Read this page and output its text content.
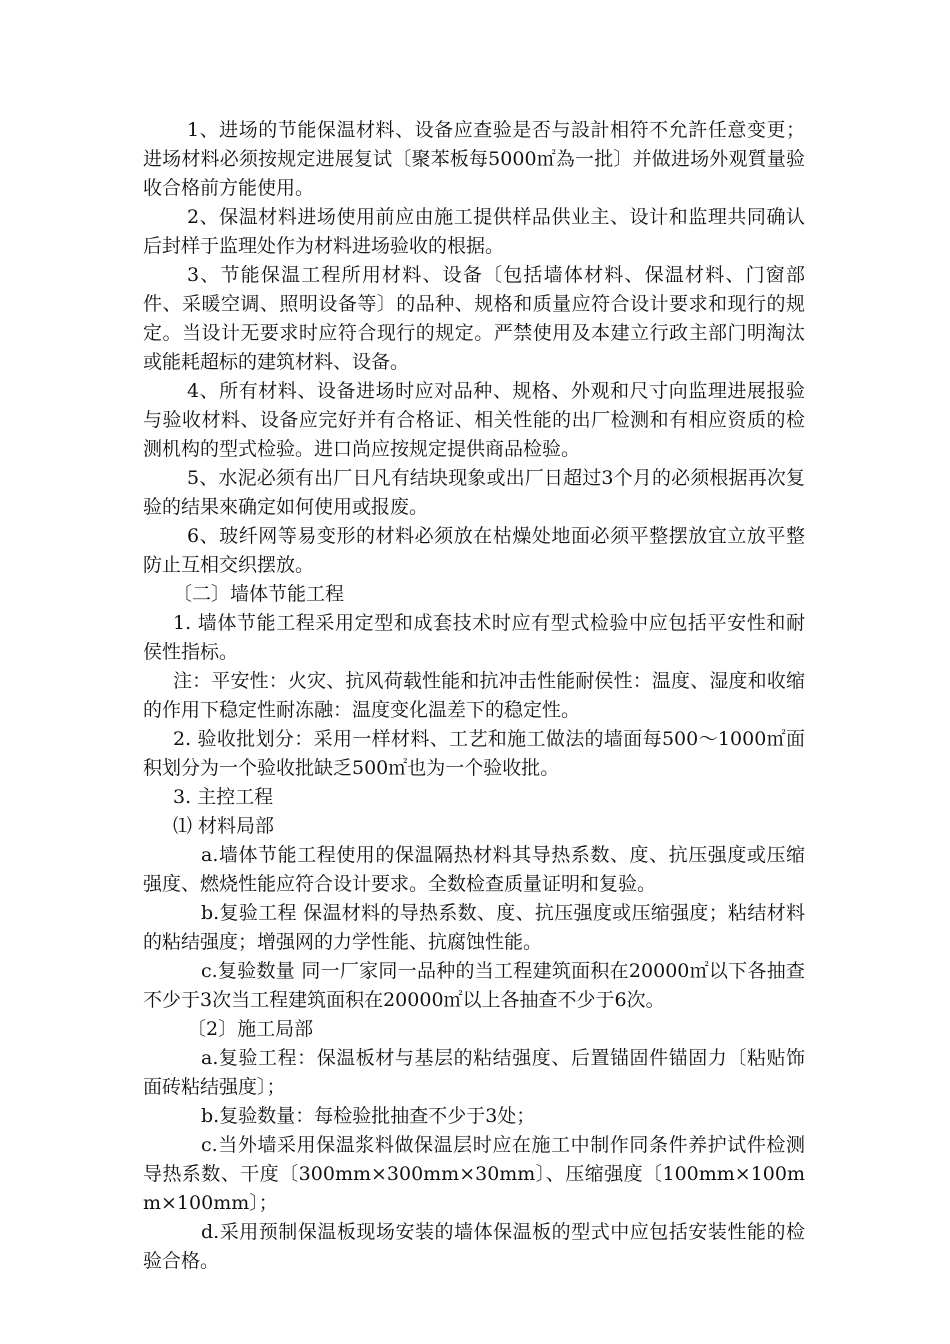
1、进场的节能保温材料、设备应查验是否与設計相符不允許任意变更；进场材料必须按规定进展复试〔聚苯板每5000㎡為一批〕并做进场外观質量验收合格前方能使用。

2、保温材料进场使用前应由施工提供样品供业主、设计和监理共同确认后封样于监理处作为材料进场验收的根据。

3、节能保温工程所用材料、设备〔包括墙体材料、保温材料、门窗部件、采暖空调、照明设备等〕的品种、规格和质量应符合设计要求和现行的规定。当设计无要求时应符合现行的规定。严禁使用及本建立行政主部门明淘汰或能耗超标的建筑材料、设备。

4、所有材料、设备进场时应对品种、规格、外观和尺寸向监理进展报验与验收材料、设备应完好并有合格证、相关性能的出厂检测和有相应资质的检测机构的型式检验。进口尚应按规定提供商品检验。

5、水泥必须有出厂日凡有结块现象或出厂日超过3个月的必须根据再次复验的结果來确定如何使用或报废。

6、玻纤网等易变形的材料必须放在枯燥处地面必须平整摆放宜立放平整防止互相交织摆放。

〔二〕墙体节能工程

1. 墙体节能工程采用定型和成套技术时应有型式检验中应包括平安性和耐侯性指标。

注：平安性：火灾、抗风荷载性能和抗冲击性能耐侯性：温度、湿度和收缩的作用下稳定性耐冻融：温度变化温差下的稳定性。

2. 验收批划分：采用一样材料、工艺和施工做法的墙面每500～1000㎡面积划分为一个验收批缺乏500㎡也为一个验收批。

3. 主控工程

⑴ 材料局部

a.墙体节能工程使用的保温隔热材料其导热系数、度、抗压强度或压缩强度、燃烧性能应符合设计要求。全数检查质量证明和复验。

b.复验工程 保温材料的导热系数、度、抗压强度或压缩强度；粘结材料的粘结强度；增强网的力学性能、抗腐蚀性能。

c.复验数量 同一厂家同一品种的当工程建筑面积在20000㎡以下各抽查不少于3次当工程建筑面积在20000㎡以上各抽查不少于6次。

〔2〕施工局部

a.复验工程：保温板材与基层的粘结强度、后置锚固件锚固力〔粘贴饰面砖粘结强度〕；

b.复验数量：每检验批抽查不少于3处；

c.当外墙采用保温浆料做保温层时应在施工中制作同条件养护试件检测导热系数、干度〔300mm×300mm×30mm〕、压缩强度〔100mm×100mm×100mm〕；

d.采用预制保温板现场安装的墙体保温板的型式中应包括安装性能的检验合格。
